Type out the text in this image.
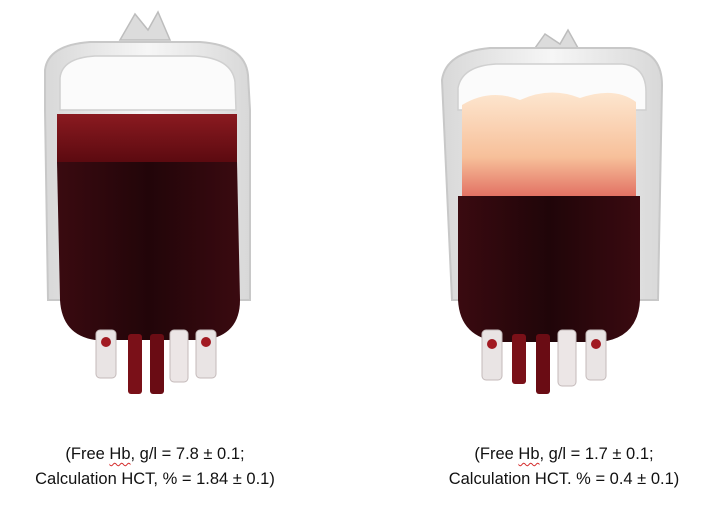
(Free Hb, g/l = 7.8 ± 0.1;
Calculation HCT, % = 1.84 ± 0.1)
(Free Hb, g/l = 1.7 ± 0.1;
Calculation HCT. % = 0.4 ± 0.1)
